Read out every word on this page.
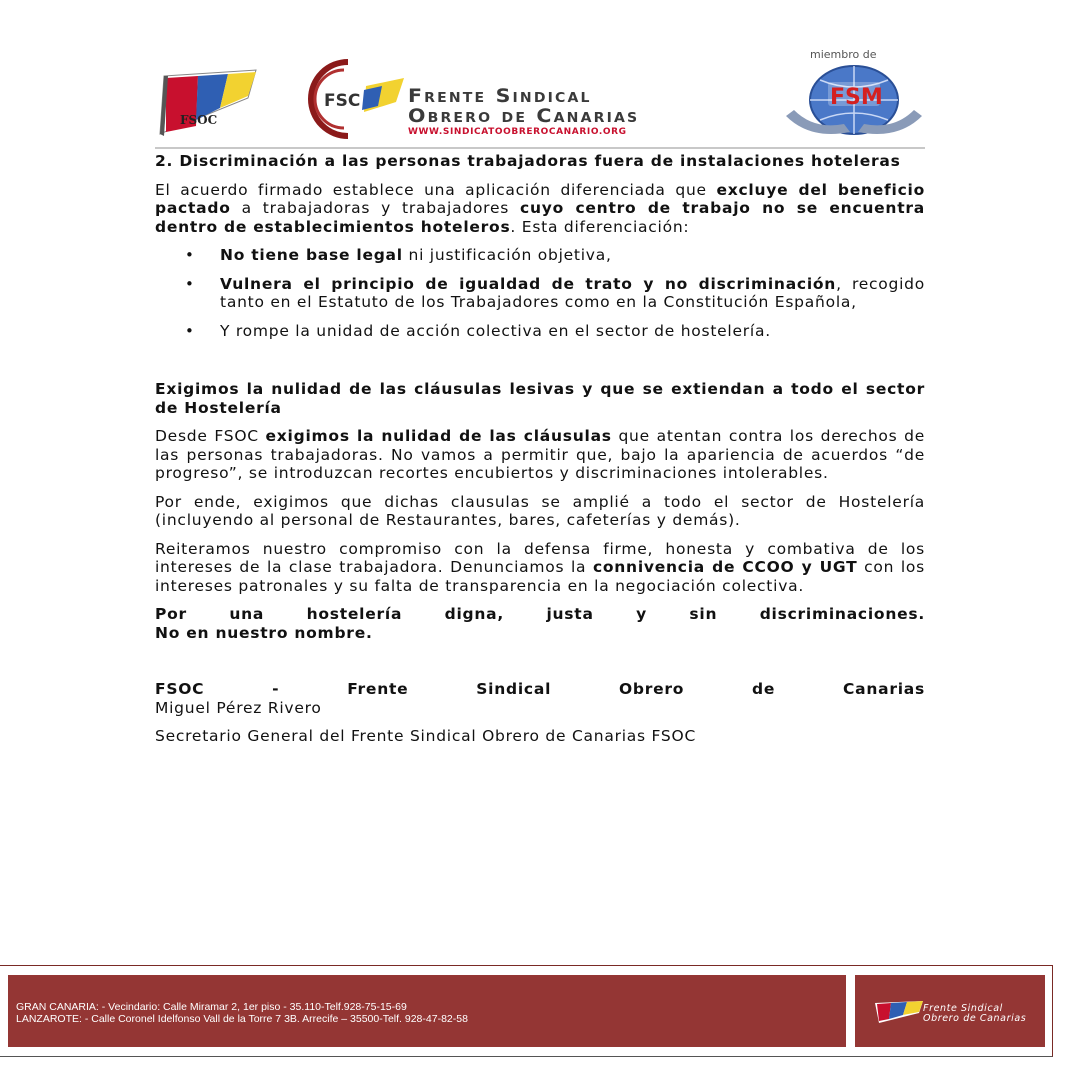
FSOC
FSC	Frente Sindical
Obrero de Canarias
WWW.SINDICATOOBREROCANARIO.ORG
miembro de
FSM
2. Discriminación a las personas trabajadoras fuera de instalaciones hoteleras

El acuerdo firmado establece una aplicación diferenciada que excluye del beneficio pactado a trabajadoras y trabajadores cuyo centro de trabajo no se encuentra dentro de establecimientos hoteleros. Esta diferenciación:

• No tiene base legal ni justificación objetiva,
• Vulnera el principio de igualdad de trato y no discriminación, recogido tanto en el Estatuto de los Trabajadores como en la Constitución Española,
• Y rompe la unidad de acción colectiva en el sector de hostelería.
Exigimos la nulidad de las cláusulas lesivas y que se extiendan a todo el sector de Hostelería

Desde FSOC exigimos la nulidad de las cláusulas que atentan contra los derechos de las personas trabajadoras. No vamos a permitir que, bajo la apariencia de acuerdos “de progreso”, se introduzcan recortes encubiertos y discriminaciones intolerables.

Por ende, exigimos que dichas clausulas se amplié a todo el sector de Hostelería (incluyendo al personal de Restaurantes, bares, cafeterías y demás).

Reiteramos nuestro compromiso con la defensa firme, honesta y combativa de los intereses de la clase trabajadora. Denunciamos la connivencia de CCOO y UGT con los intereses patronales y su falta de transparencia en la negociación colectiva.

Por una hostelería digna, justa y sin discriminaciones.
No en nuestro nombre.

FSOC - Frente Sindical Obrero de Canarias
Miguel Pérez Rivero

Secretario General del Frente Sindical Obrero de Canarias FSOC

GRAN CANARIA: - Vecindario: Calle Miramar 2, 1er piso - 35.110-Telf.928-75-15-69
LANZAROTE: - Calle Coronel Idelfonso Vall de la Torre 7 3B. Arrecife – 35500-Telf. 928-47-82-58
Frente Sindical
Obrero de Canarias
